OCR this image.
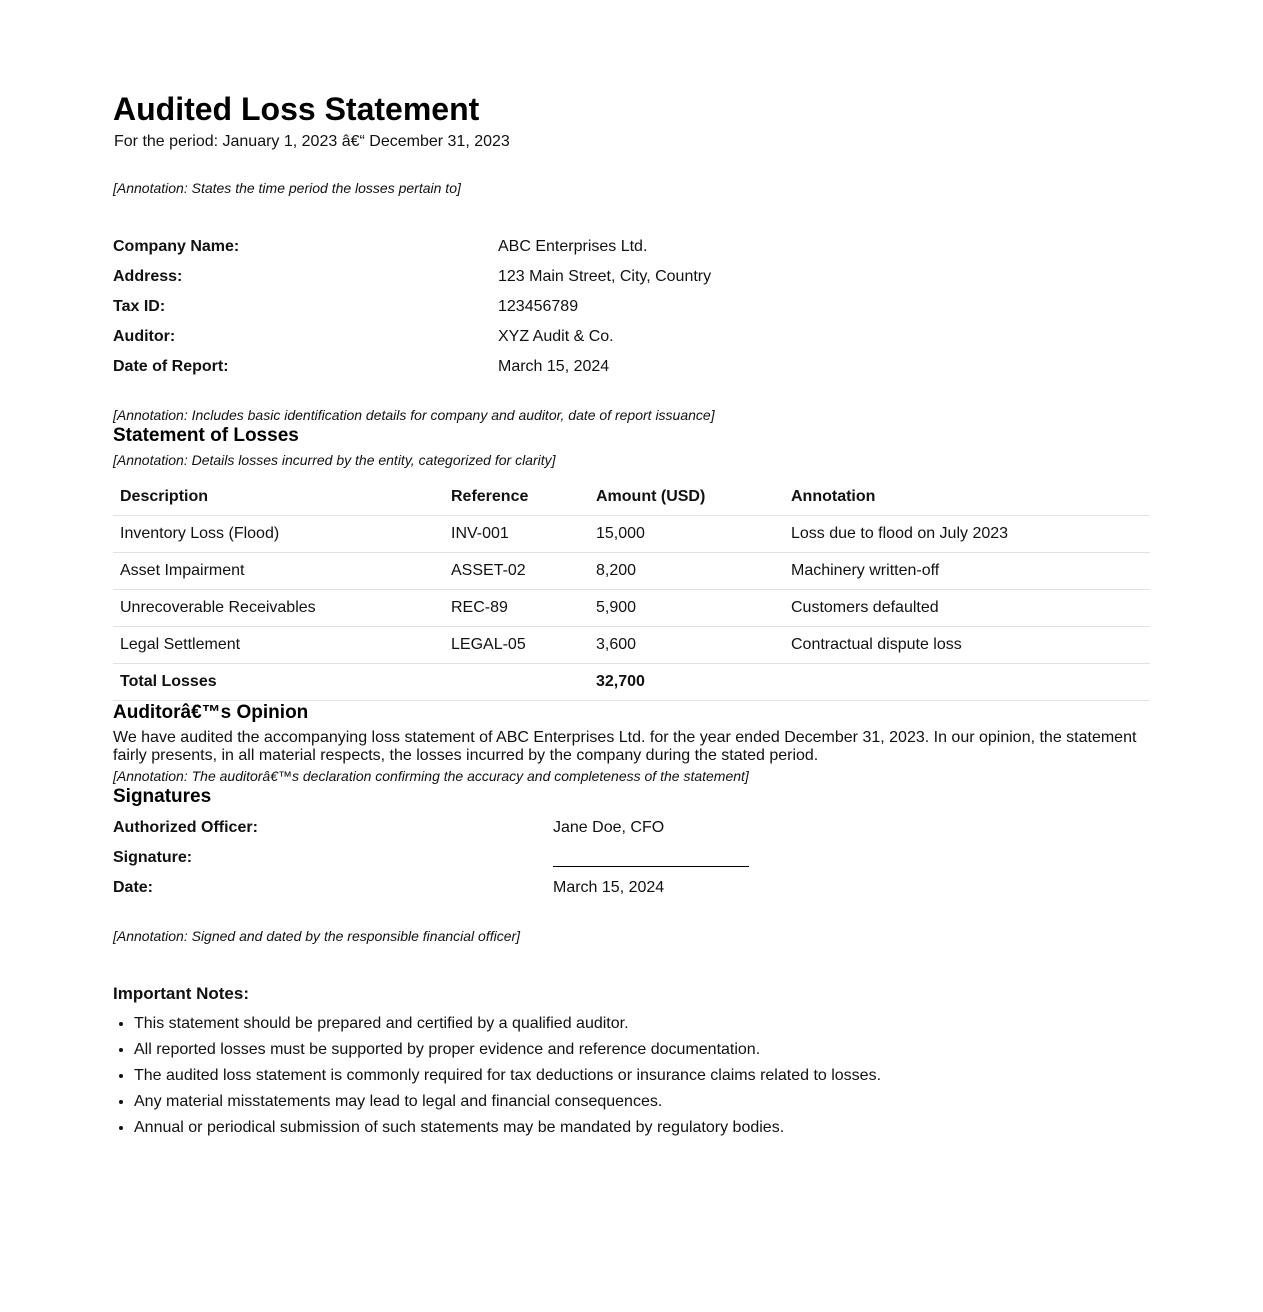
Audited Loss Statement

For the period: January 1, 2023 â€“ December 31, 2023

[Annotation: States the time period the losses pertain to]

Company Name:	ABC Enterprises Ltd.
Address:	123 Main Street, City, Country
Tax ID:	123456789
Auditor:	XYZ Audit & Co.
Date of Report:	March 15, 2024

[Annotation: Includes basic identification details for company and auditor, date of report issuance]

Statement of Losses

[Annotation: Details losses incurred by the entity, categorized for clarity]

Description	Reference	Amount (USD)	Annotation
Inventory Loss (Flood)	INV-001	15,000	Loss due to flood on July 2023
Asset Impairment	ASSET-02	8,200	Machinery written-off
Unrecoverable Receivables	REC-89	5,900	Customers defaulted
Legal Settlement	LEGAL-05	3,600	Contractual dispute loss
Total Losses		32,700	
Auditorâ€™s Opinion

We have audited the accompanying loss statement of ABC Enterprises Ltd. for the year ended December 31, 2023. In our opinion, the statement fairly presents, in all material respects, the losses incurred by the company during the stated period.

[Annotation: The auditorâ€™s declaration confirming the accuracy and completeness of the statement]

Signatures
Authorized Officer:	Jane Doe, CFO
Signature:	
Date:	March 15, 2024

[Annotation: Signed and dated by the responsible financial officer]

Important Notes:
• This statement should be prepared and certified by a qualified auditor.
• All reported losses must be supported by proper evidence and reference documentation.
• The audited loss statement is commonly required for tax deductions or insurance claims related to losses.
• Any material misstatements may lead to legal and financial consequences.
• Annual or periodical submission of such statements may be mandated by regulatory bodies.
